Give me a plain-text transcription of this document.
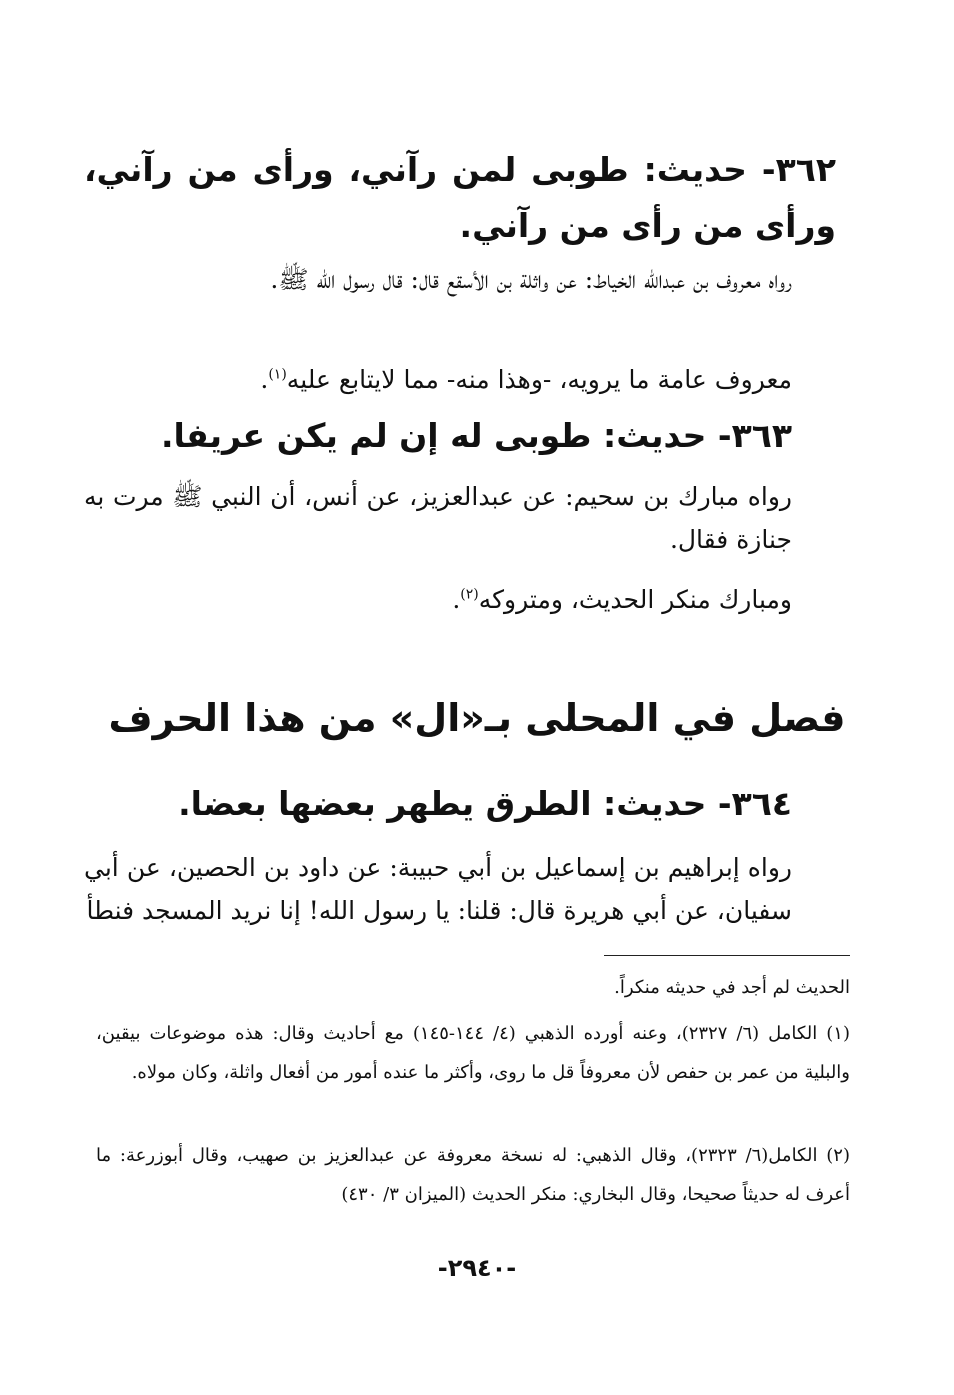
٣٦٢- حديث: طوبى لمن رآني، ورأى من رآني، ورأى من رأى من رآني.
رواه معروف بن عبدالله الخياط: عن واثلة بن الأسقع قال: قال رسول الله ﷺ.
معروف عامة ما يرويه، -وهذا منه- مما لايتابع عليه$^{(١)}$.
٣٦٣- حديث: طوبى له إن لم يكن عريفا.
رواه مبارك بن سحيم: عن عبدالعزيز، عن أنس، أن النبي ﷺ مرت به جنازة فقال.
ومبارك منكر الحديث، ومتروكه$^{(٢)}$.
فصل في المحلى بـ«ال» من هذا الحرف
٣٦٤- حديث: الطرق يطهر بعضها بعضا.
رواه إبراهيم بن إسماعيل بن أبي حبيبة: عن داود بن الحصين، عن أبي سفيان، عن أبي هريرة قال: قلنا: يا رسول الله! إنا نريد المسجد فنطأ
الحديث لم أجد في حديثه منكراً.
(١) الكامل (٦/ ٢٣٢٧)، وعنه أورده الذهبي (٤/ ١٤٤-١٤٥) مع أحاديث وقال: هذه موضوعات بيقين، والبلية من عمر بن حفص لأن معروفاً قل ما روى، وأكثر ما عنده أمور من أفعال واثلة، وكان مولاه.
(٢) الكامل(٦/ ٢٣٢٣)، وقال الذهبي: له نسخة معروفة عن عبدالعزيز بن صهيب، وقال أبوزرعة: ما أعرف له حديثاً صحيحا، وقال البخاري: منكر الحديث (الميزان ٣/ ٤٣٠)
-٢٩٤٠-
